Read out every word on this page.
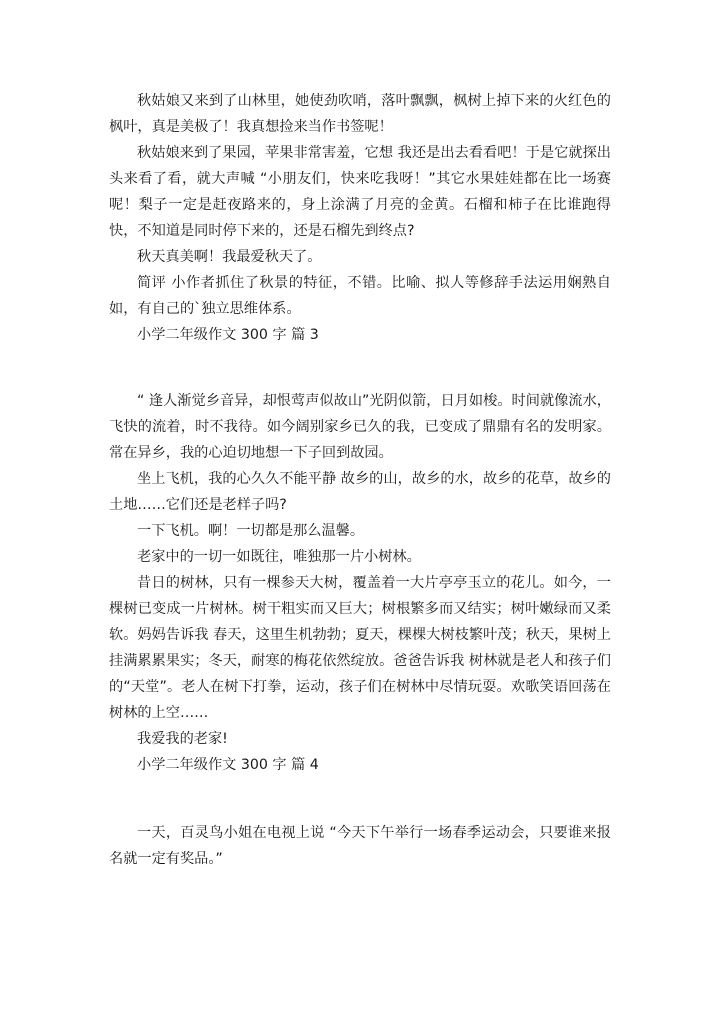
秋姑娘又来到了山林里，她使劲吹哨，落叶飘飘，枫树上掉下来的火红色的枫叶，真是美极了！我真想捡来当作书签呢！

秋姑娘来到了果园，苹果非常害羞，它想 我还是出去看看吧！于是它就探出头来看了看，就大声喊 “小朋友们，快来吃我呀！”其它水果娃娃都在比一场赛呢！梨子一定是赶夜路来的，身上涂满了月亮的金黄。石榴和柿子在比谁跑得快，不知道是同时停下来的，还是石榴先到终点?

秋天真美啊！我最爱秋天了。

简评 小作者抓住了秋景的特征，不错。比喻、拟人等修辞手法运用娴熟自如，有自己的`独立思维体系。

小学二年级作文 300 字 篇 3

“ 逢人渐觉乡音异，却恨莺声似故山”光阴似箭，日月如梭。时间就像流水，飞快的流着，时不我待。如今阔别家乡已久的我，已变成了鼎鼎有名的发明家。常在异乡，我的心迫切地想一下子回到故园。

坐上飞机，我的心久久不能平静 故乡的山，故乡的水，故乡的花草，故乡的土地……它们还是老样子吗?

一下飞机。啊！一切都是那么温馨。

老家中的一切一如既往，唯独那一片小树林。

昔日的树林，只有一棵参天大树，覆盖着一大片亭亭玉立的花儿。如今，一棵树已变成一片树林。树干粗实而又巨大；树根繁多而又结实；树叶嫩绿而又柔软。妈妈告诉我 春天，这里生机勃勃；夏天，棵棵大树枝繁叶茂；秋天，果树上挂满累累果实；冬天，耐寒的梅花依然绽放。爸爸告诉我 树林就是老人和孩子们的“天堂”。老人在树下打拳，运动，孩子们在树林中尽情玩耍。欢歌笑语回荡在树林的上空……

我爱我的老家!

小学二年级作文 300 字 篇 4

一天，百灵鸟小姐在电视上说 “今天下午举行一场春季运动会，只要谁来报名就一定有奖品。”
